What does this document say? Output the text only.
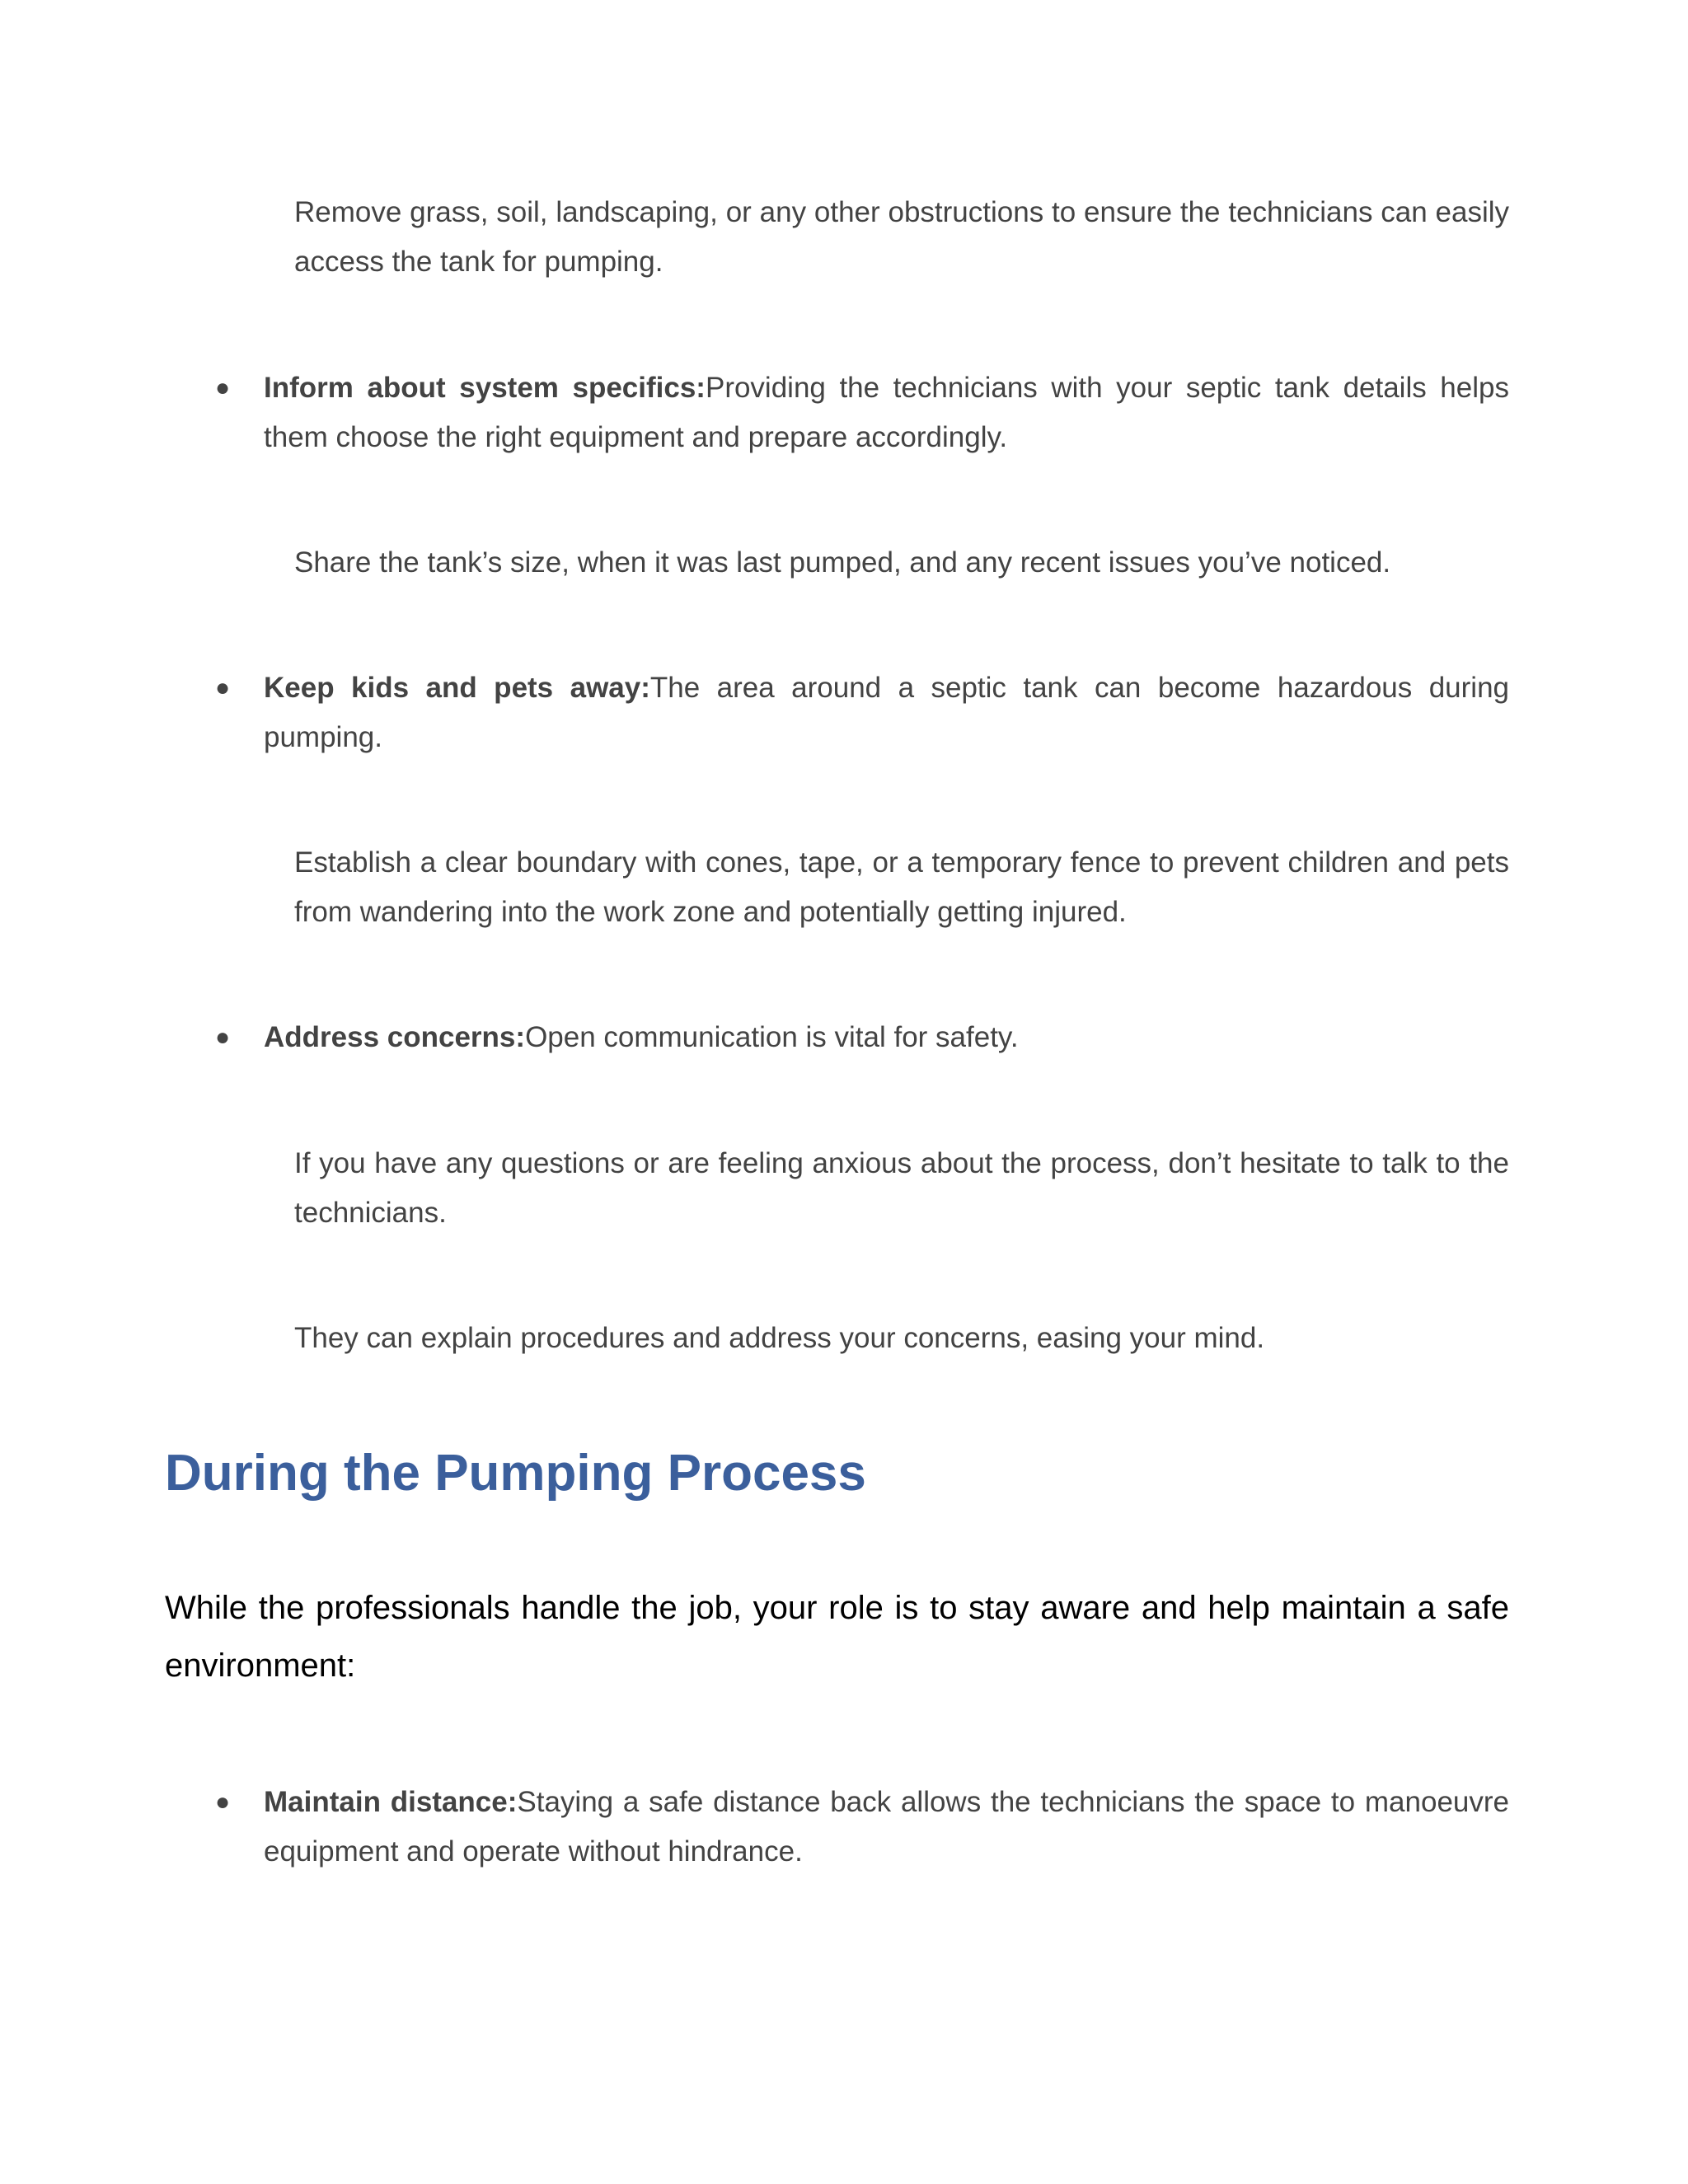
Remove grass, soil, landscaping, or any other obstructions to ensure the technicians can easily access the tank for pumping.

● Inform about system specifics:Providing the technicians with your septic tank details helps them choose the right equipment and prepare accordingly.

Share the tank’s size, when it was last pumped, and any recent issues you’ve noticed.

● Keep kids and pets away:The area around a septic tank can become hazardous during pumping.

Establish a clear boundary with cones, tape, or a temporary fence to prevent children and pets from wandering into the work zone and potentially getting injured.

● Address concerns:Open communication is vital for safety.

If you have any questions or are feeling anxious about the process, don’t hesitate to talk to the technicians.

They can explain procedures and address your concerns, easing your mind.

During the Pumping Process

While the professionals handle the job, your role is to stay aware and help maintain a safe environment:

● Maintain distance:Staying a safe distance back allows the technicians the space to manoeuvre equipment and operate without hindrance.
